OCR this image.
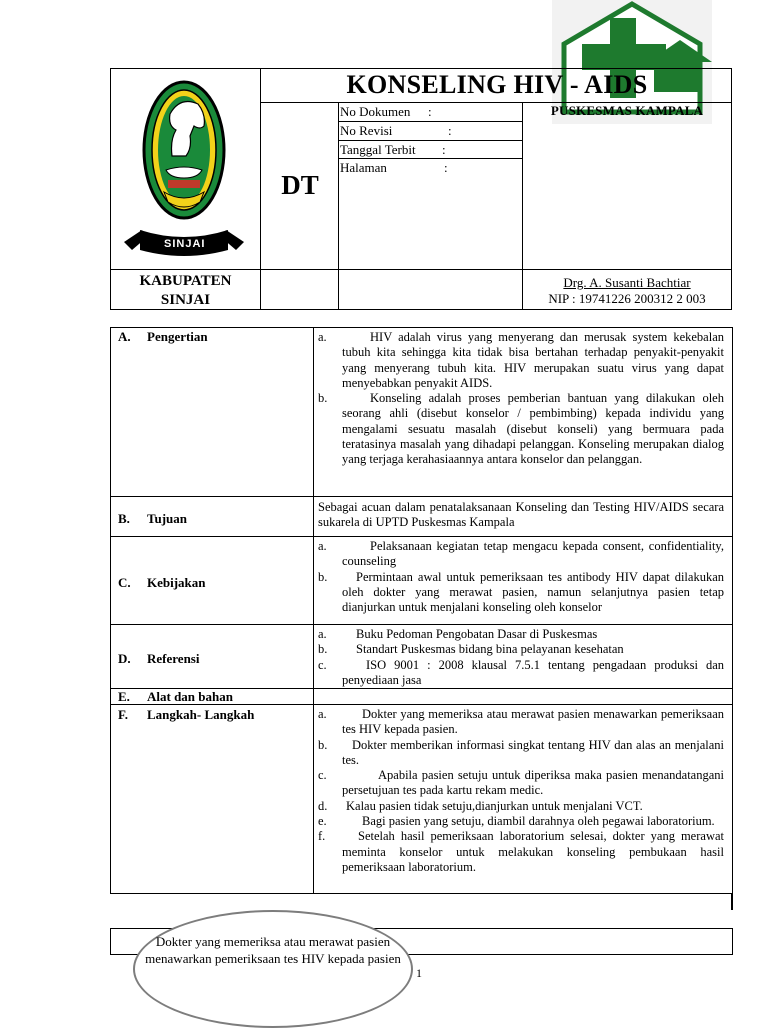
SINJAI
KONSELING HIV - AIDS
DT
No Dokumen :
No Revisi	:
Tanggal Terbit :
Halaman	:
PUSKESMAS KAMPALA
KABUPATEN
SINJAI
Drg. A. Susanti Bachtiar
NIP : 19741226 200312 2 003
A. Pengertian	a.	HIV adalah virus yang menyerang dan merusak system kekebalan tubuh kita sehingga kita tidak bisa bertahan terhadap penyakit-penyakit yang menyerang tubuh kita. HIV merupakan suatu virus yang dapat menyebabkan penyakit AIDS.
b.	Konseling adalah proses pemberian bantuan yang dilakukan oleh seorang ahli (disebut konselor / pembimbing) kepada individu yang mengalami sesuatu masalah (disebut konseli) yang bermuara pada teratasinya masalah yang dihadapi pelanggan. Konseling merupakan dialog yang terjaga kerahasiaannya antara konselor dan pelanggan.
B. Tujuan
Sebagai acuan dalam penatalaksanaan Konseling dan Testing HIV/AIDS secara sukarela di UPTD Puskesmas Kampala
C. Kebijakan
a.	Pelaksanaan kegiatan tetap mengacu kepada consent, confidentiality, counseling
b. Permintaan awal untuk pemeriksaan tes antibody HIV dapat dilakukan oleh dokter yang merawat pasien, namun selanjutnya pasien tetap dianjurkan untuk menjalani konseling oleh konselor
D. Referensi
a. Buku Pedoman Pengobatan Dasar di Puskesmas
b. Standart Puskesmas bidang bina pelayanan kesehatan
c.	ISO 9001 : 2008 klausal 7.5.1 tentang pengadaan produksi dan penyediaan jasa
E. Alat dan bahan
F. Langkah- Langkah	a.	Dokter yang memeriksa atau merawat pasien menawarkan pemeriksaan tes HIV kepada pasien.
b. Dokter memberikan informasi singkat tentang HIV dan alas an menjalani tes.
c.	Apabila pasien setuju untuk diperiksa maka pasien menandatangani persetujuan tes pada kartu rekam medic.
d. Kalau pasien tidak setuju,dianjurkan untuk menjalani VCT.
e.	Bagi pasien yang setuju, diambil darahnya oleh pegawai laboratorium.
f.	Setelah hasil pemeriksaan laboratorium selesai, dokter yang merawat meminta konselor untuk melakukan konseling pembukaan hasil pemeriksaan laboratorium.
Dokter yang memeriksa atau merawat pasien menawarkan pemeriksaan tes HIV kepada pasien
1
